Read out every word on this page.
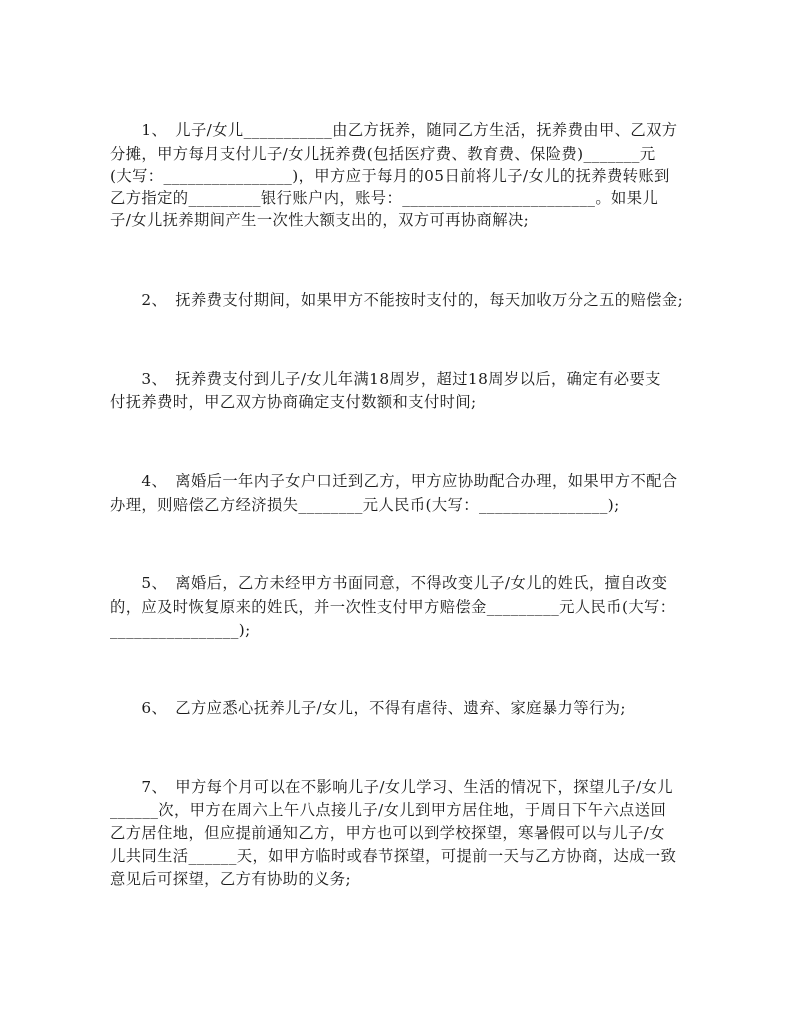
　　1、　儿子/女儿___________由乙方抚养，随同乙方生活，抚养费由甲、乙双方

分摊，甲方每月支付儿子/女儿抚养费(包括医疗费、教育费、保险费)_______元

(大写：________________)，甲方应于每月的05日前将儿子/女儿的抚养费转账到

乙方指定的_________银行账户内，账号：________________________。如果儿

子/女儿抚养期间产生一次性大额支出的，双方可再协商解决;

　　2、　抚养费支付期间，如果甲方不能按时支付的，每天加收万分之五的赔偿金;

　　3、　抚养费支付到儿子/女儿年满18周岁，超过18周岁以后，确定有必要支

付抚养费时，甲乙双方协商确定支付数额和支付时间;

　　4、　离婚后一年内子女户口迁到乙方，甲方应协助配合办理，如果甲方不配合

办理，则赔偿乙方经济损失________元人民币(大写：________________);

　　5、　离婚后，乙方未经甲方书面同意，不得改变儿子/女儿的姓氏，擅自改变

的，应及时恢复原来的姓氏，并一次性支付甲方赔偿金_________元人民币(大写：

________________);

　　6、　乙方应悉心抚养儿子/女儿，不得有虐待、遗弃、家庭暴力等行为;

　　7、　甲方每个月可以在不影响儿子/女儿学习、生活的情况下，探望儿子/女儿

______次，甲方在周六上午八点接儿子/女儿到甲方居住地，于周日下午六点送回

乙方居住地，但应提前通知乙方，甲方也可以到学校探望，寒暑假可以与儿子/女

儿共同生活______天，如甲方临时或春节探望，可提前一天与乙方协商，达成一致

意见后可探望，乙方有协助的义务;
